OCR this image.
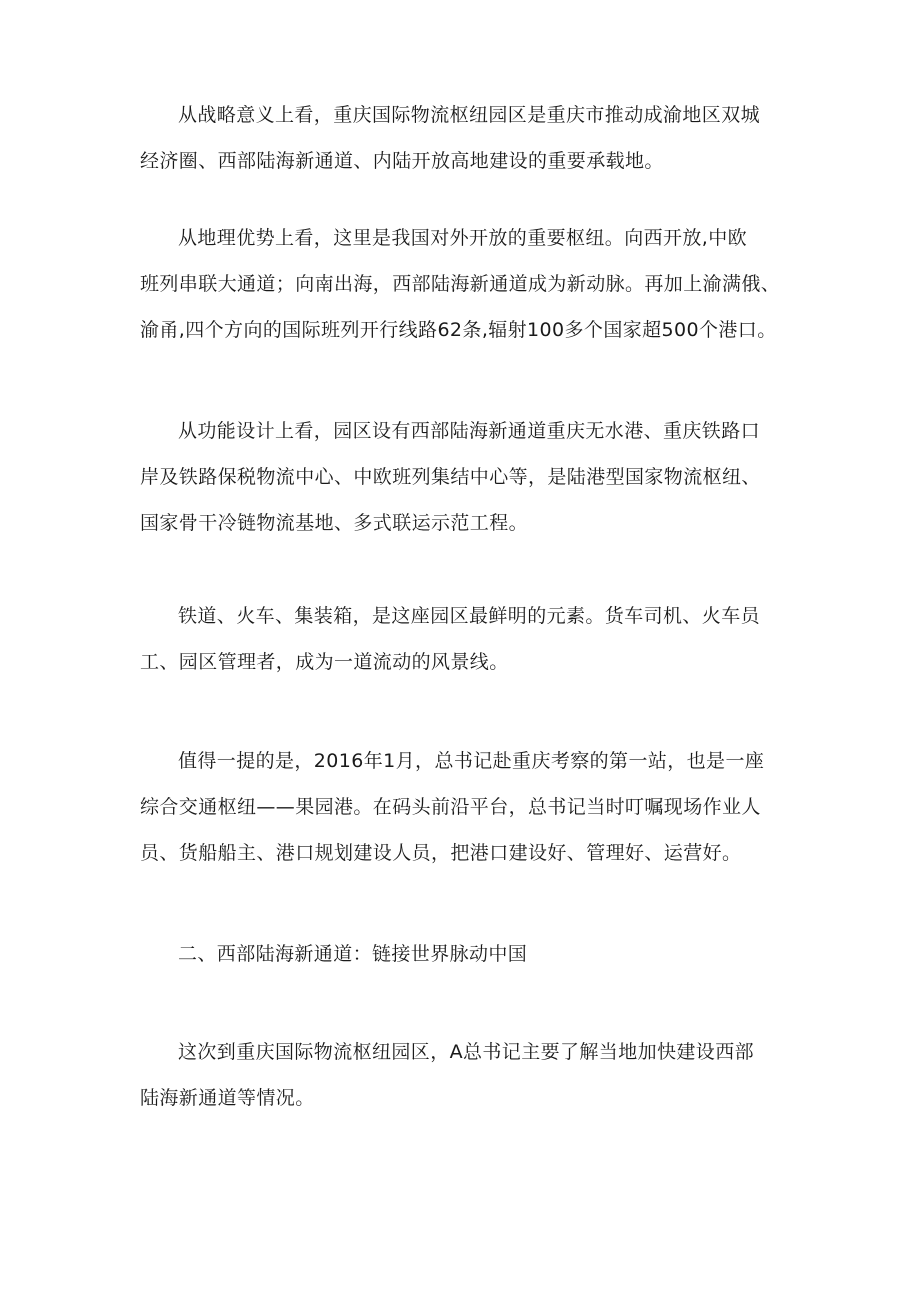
从战略意义上看，重庆国际物流枢纽园区是重庆市推动成渝地区双城
经济圈、西部陆海新通道、内陆开放高地建设的重要承载地。
从地理优势上看，这里是我国对外开放的重要枢纽。向西开放,中欧
班列串联大通道；向南出海，西部陆海新通道成为新动脉。再加上渝满俄、
渝甬,四个方向的国际班列开行线路62条,辐射100多个国家超500个港口。
从功能设计上看，园区设有西部陆海新通道重庆无水港、重庆铁路口
岸及铁路保税物流中心、中欧班列集结中心等，是陆港型国家物流枢纽、
国家骨干冷链物流基地、多式联运示范工程。
铁道、火车、集装箱，是这座园区最鲜明的元素。货车司机、火车员
工、园区管理者，成为一道流动的风景线。
值得一提的是，2016年1月，总书记赴重庆考察的第一站，也是一座
综合交通枢纽——果园港。在码头前沿平台，总书记当时叮嘱现场作业人
员、货船船主、港口规划建设人员，把港口建设好、管理好、运营好。
二、西部陆海新通道：链接世界脉动中国
这次到重庆国际物流枢纽园区，A总书记主要了解当地加快建设西部
陆海新通道等情况。
